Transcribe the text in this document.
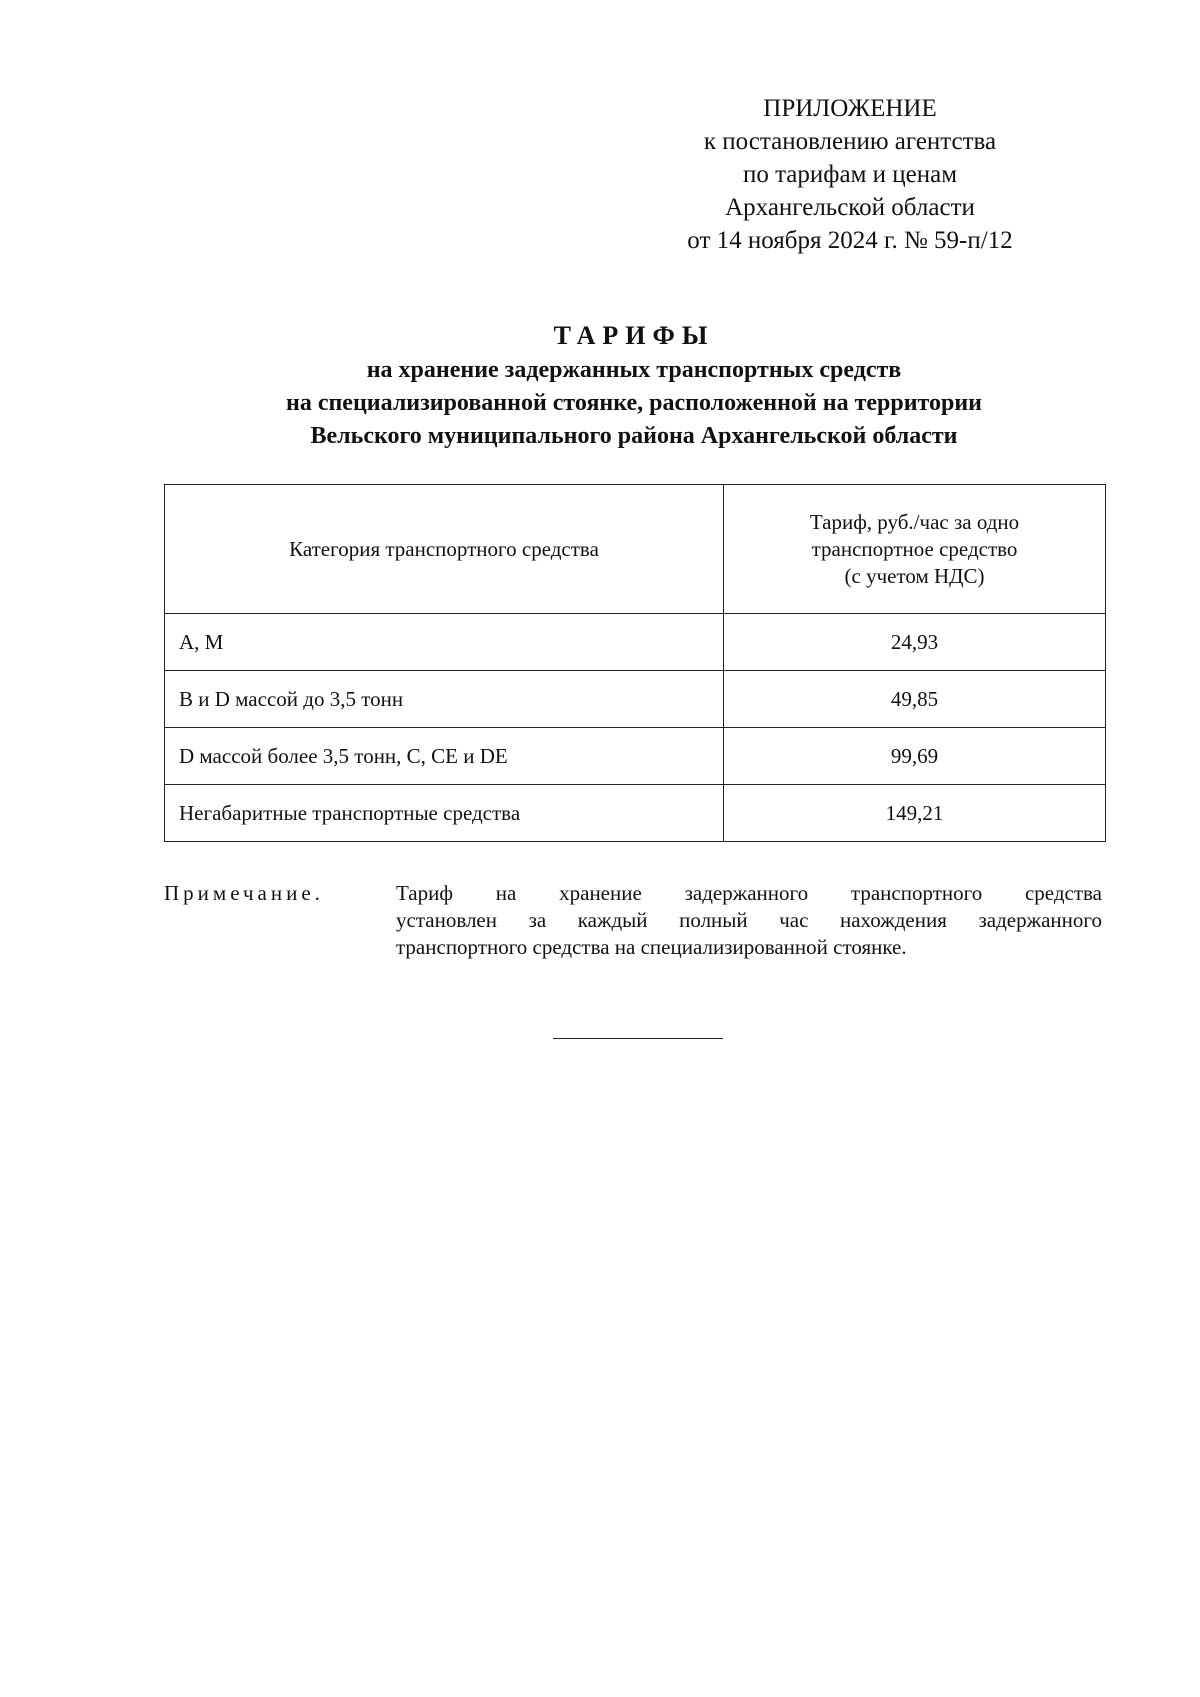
ПРИЛОЖЕНИЕ
к постановлению агентства
по тарифам и ценам
Архангельской области
от 14 ноября 2024 г. № 59-п/12
ТАРИФЫ
на хранение задержанных транспортных средств
на специализированной стоянке, расположенной на территории
Вельского муниципального района Архангельской области
Категория транспортного средства	Тариф, руб./час за одно
транспортное средство
(с учетом НДС)

A, M	24,93
B и D массой до 3,5 тонн	49,85
D массой более 3,5 тонн, C, CE и DE	99,69
Негабаритные транспортные средства	149,21
Примечание.	Тариф на хранение задержанного транспортного средства
установлен за каждый полный час нахождения задержанного
транспортного средства на специализированной стоянке.
